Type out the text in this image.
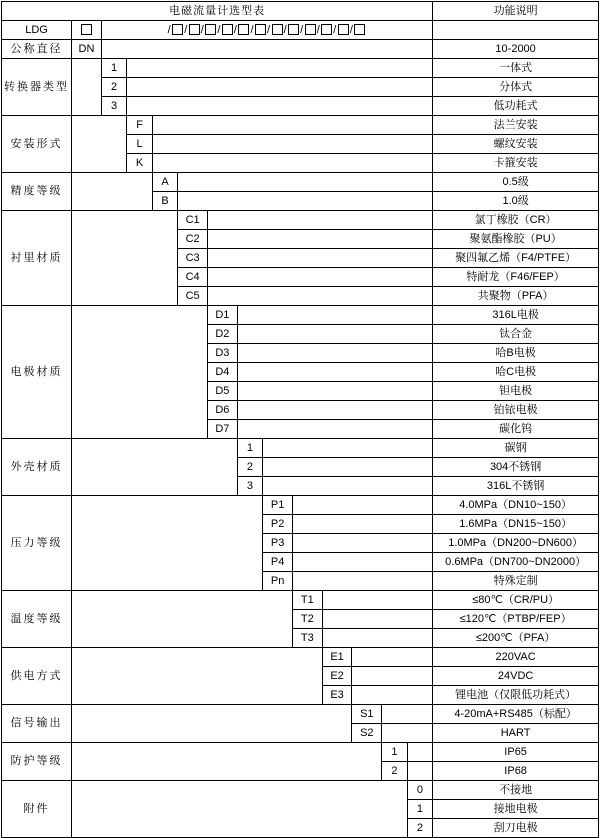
电磁流量计选型表														功能说明
LDG		/ / / / / / / / / / / /												
公称直径	DN													10-2000
转换器类型		1												一体式
		2												分体式
		3												低功耗式
安装形式			F											法兰安装
			L											螺纹安装
			K											卡箍安装
精度等级				A										0.5级
				B										1.0级
衬里材质					C1									氯丁橡胶（CR）
					C2									聚氨酯橡胶（PU）
					C3									聚四氟乙烯（F4/PTFE）
					C4									特耐龙（F46/FEP）
					C5									共聚物（PFA）
电极材质						D1								316L电极
						D2								钛合金
						D3								哈B电极
						D4								哈C电极
						D5								钽电极
						D6								铂铱电极
						D7								碳化钨
外壳材质							1							碳钢
							2							304不锈钢
							3							316L不锈钢
压力等级								P1						4.0MPa（DN10~150）
								P2						1.6MPa（DN15~150）
								P3						1.0MPa（DN200~DN600）
								P4						0.6MPa（DN700~DN2000）
								Pn						特殊定制
温度等级									T1					≤80℃（CR/PU）
									T2					≤120℃（PTBP/FEP）
									T3					≤200℃（PFA）
供电方式										E1				220VAC
										E2				24VDC
										E3				锂电池（仅限低功耗式）
信号输出											S1			4-20mA+RS485（标配）
											S2			HART
防护等级												1		IP65
												2		IP68
附件													0	不接地
													1	接地电极
													2	刮刀电极
